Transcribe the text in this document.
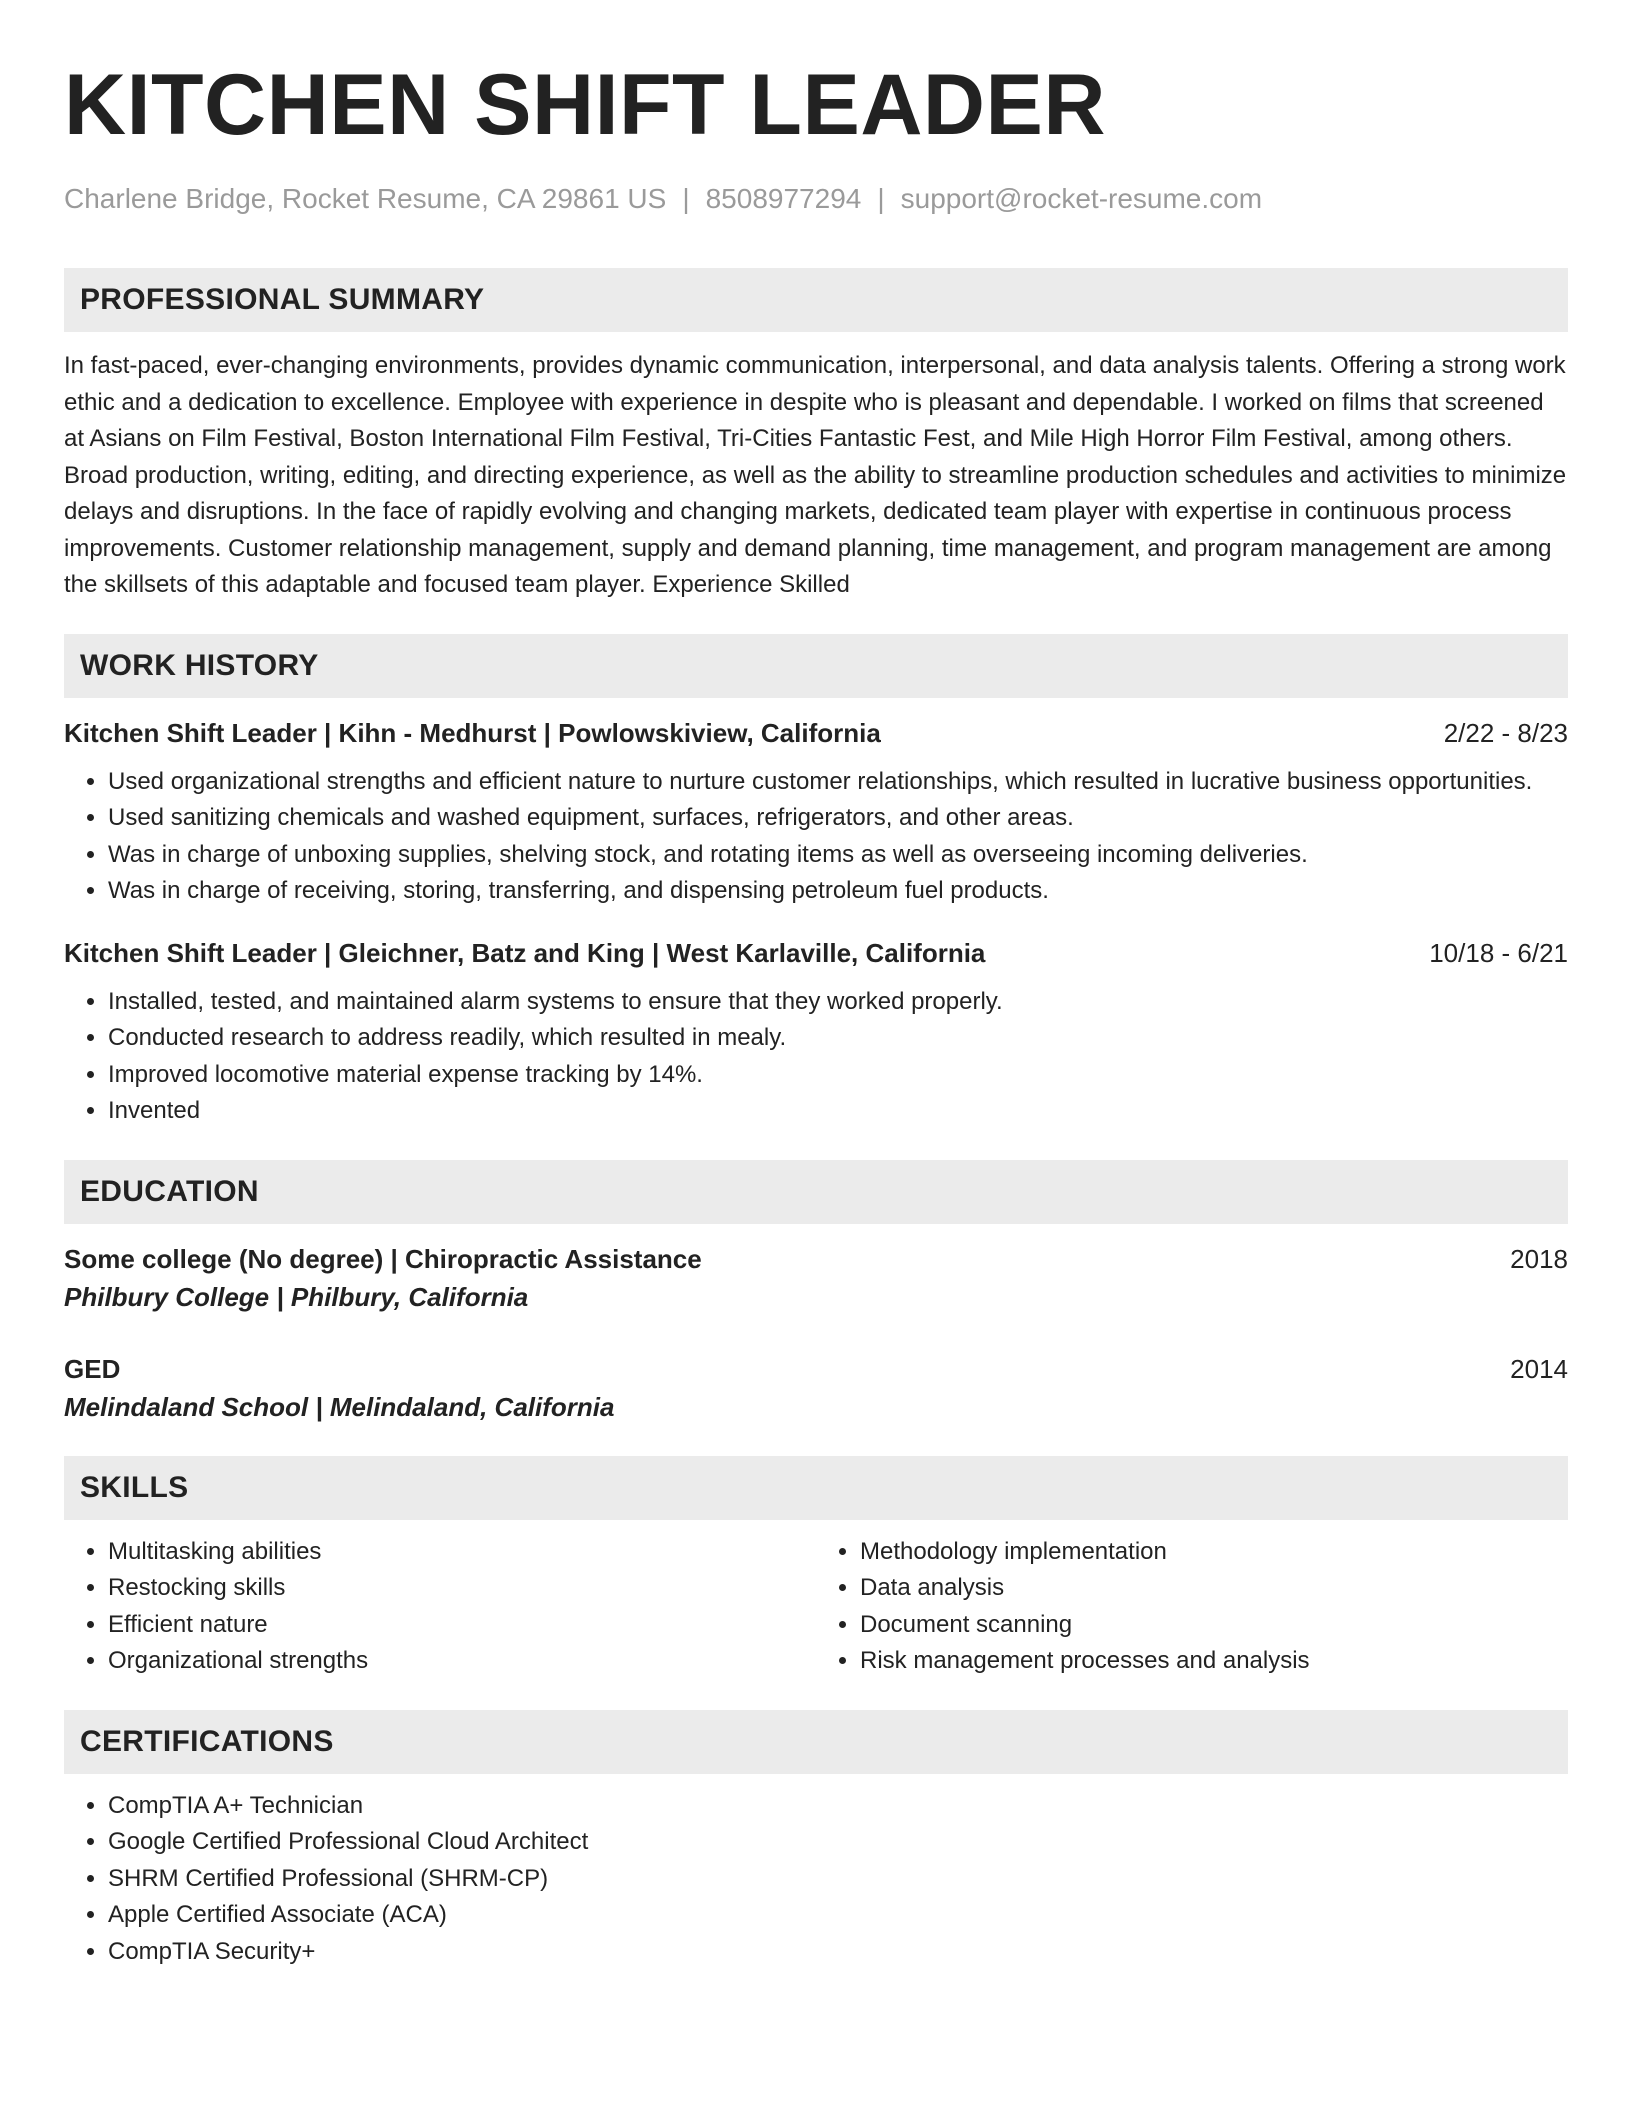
KITCHEN SHIFT LEADER
Charlene Bridge, Rocket Resume, CA 29861 US | 8508977294 | support@rocket-resume.com
PROFESSIONAL SUMMARY
In fast-paced, ever-changing environments, provides dynamic communication, interpersonal, and data analysis talents. Offering a strong work ethic and a dedication to excellence. Employee with experience in despite who is pleasant and dependable. I worked on films that screened at Asians on Film Festival, Boston International Film Festival, Tri-Cities Fantastic Fest, and Mile High Horror Film Festival, among others. Broad production, writing, editing, and directing experience, as well as the ability to streamline production schedules and activities to minimize delays and disruptions. In the face of rapidly evolving and changing markets, dedicated team player with expertise in continuous process improvements. Customer relationship management, supply and demand planning, time management, and program management are among the skillsets of this adaptable and focused team player. Experience Skilled
WORK HISTORY
Kitchen Shift Leader | Kihn - Medhurst | Powlowskiview, California	2/22 - 8/23
• Used organizational strengths and efficient nature to nurture customer relationships, which resulted in lucrative business opportunities.
• Used sanitizing chemicals and washed equipment, surfaces, refrigerators, and other areas.
• Was in charge of unboxing supplies, shelving stock, and rotating items as well as overseeing incoming deliveries.
• Was in charge of receiving, storing, transferring, and dispensing petroleum fuel products.
Kitchen Shift Leader | Gleichner, Batz and King | West Karlaville, California	10/18 - 6/21
• Installed, tested, and maintained alarm systems to ensure that they worked properly.
• Conducted research to address readily, which resulted in mealy.
• Improved locomotive material expense tracking by 14%.
• Invented
EDUCATION
Some college (No degree) | Chiropractic Assistance	2018
Philbury College | Philbury, California
GED	2014
Melindaland School | Melindaland, California
SKILLS
• Multitasking abilities
• Restocking skills
• Efficient nature
• Organizational strengths
• Methodology implementation
• Data analysis
• Document scanning
• Risk management processes and analysis
CERTIFICATIONS
• CompTIA A+ Technician
• Google Certified Professional Cloud Architect
• SHRM Certified Professional (SHRM-CP)
• Apple Certified Associate (ACA)
• CompTIA Security+
